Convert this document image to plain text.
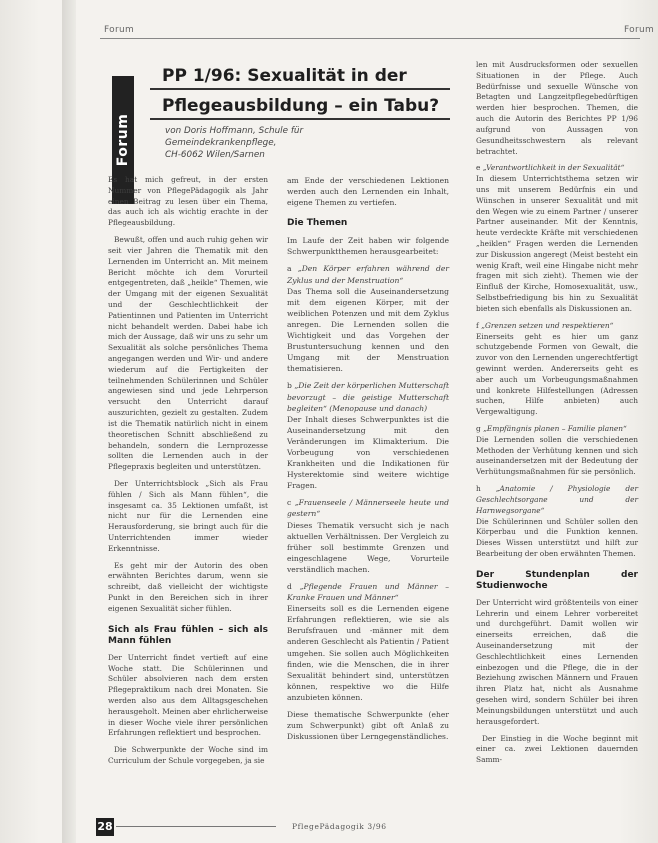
Forum	Forum
Forum
PP 1/96: Sexualität in der
Pflegeausbildung – ein Tabu?
von Doris Hoffmann, Schule für Gemeindekrankenpflege,
CH-6062 Wilen/Sarnen

Es hat mich gefreut, in der ersten Nummer von PflegePädagogik als Jahr einen Beitrag zu lesen über ein Thema, das auch ich als wichtig erachte in der Pflegeausbildung.

Bewußt, offen und auch ruhig gehen wir seit vier Jahren die Thematik mit den Lernenden im Unterricht an. Mit meinem Bericht möchte ich dem Vorurteil entgegentreten, daß „heikle“ Themen, wie der Umgang mit der eigenen Sexualität und der Geschlechtlichkeit der Patientinnen und Patienten im Unterricht nicht behandelt werden. Dabei habe ich mich der Aussage, daß wir uns zu sehr um Sexualität als solche persönliches Thema angegangen werden und Wir- und andere wiederum auf die Fertigkeiten der teilnehmenden Schülerinnen und Schüler angewiesen sind und jede Lehrperson versucht den Unterricht darauf auszurichten, gezielt zu gestalten. Zudem ist die Thematik natürlich nicht in einem theoretischen Schnitt abschließend zu behandeln, sondern die Lernprozesse sollten die Lernenden auch in der Pflegepraxis begleiten und unterstützen.

Der Unterrichtsblock „Sich als Frau fühlen / Sich als Mann fühlen“, die insgesamt ca. 35 Lektionen umfaßt, ist nicht nur für die Lernenden eine Herausforderung, sie bringt auch für die Unterrichtenden immer wieder Erkenntnisse.

Es geht mir der Autorin des oben erwähnten Berichtes darum, wenn sie schreibt, daß vielleicht der wichtigste Punkt in den Bereichen sich in ihrer eigenen Sexualität sicher fühlen.

Sich als Frau fühlen – sich als Mann fühlen

Der Unterricht findet vertieft auf eine Woche statt. Die Schülerinnen und Schüler absolvieren nach dem ersten Pflegepraktikum nach drei Monaten. Sie werden also aus dem Alltagsgeschehen herausgeholt. Meinen aber ehrlicherweise in dieser Woche viele ihrer persönlichen Erfahrungen reflektiert und besprochen.

Die Schwerpunkte der Woche sind im Curriculum der Schule vorgegeben, ja sie

am Ende der verschiedenen Lektionen werden auch den Lernenden ein Inhalt, eigene Themen zu vertiefen.

Die Themen

Im Laufe der Zeit haben wir folgende Schwerpunktthemen herausgearbeitet:

a „Den Körper erfahren während der Zyklus und der Menstruation“
Das Thema soll die Auseinandersetzung mit dem eigenen Körper, mit der weiblichen Potenzen und mit dem Zyklus anregen. Die Lernenden sollen die Wichtigkeit und das Vorgehen der Brustuntersuchung kennen und den Umgang mit der Menstruation thematisieren.
b „Die Zeit der körperlichen Mutterschaft bevorzugt – die geistige Mutterschaft begleiten“ (Menopause und danach)
Der Inhalt dieses Schwerpunktes ist die Auseinandersetzung mit den Veränderungen im Klimakterium. Die Vorbeugung von verschiedenen Krankheiten und die Indikationen für Hysterektomie sind weitere wichtige Fragen.
c „Frauenseele / Männerseele heute und gestern“
Dieses Thematik versucht sich je nach aktuellen Verhältnissen. Der Vergleich zu früher soll bestimmte Grenzen und eingeschlagene Wege, Vorurteile verständlich machen.
d „Pflegende Frauen und Männer – Kranke Frauen und Männer“
Einerseits soll es die Lernenden eigene Erfahrungen reflektieren, wie sie als Berufsfrauen und -männer mit dem anderen Geschlecht als Patientin / Patient umgehen. Sie sollen auch Möglichkeiten finden, wie die Menschen, die in ihrer Sexualität behindert sind, unterstützen können, respektive wo die Hilfe anzubieten können.

Diese thematische Schwerpunkte (eher zum Schwerpunkt) gibt oft Anlaß zu Diskussionen über Lerngegenständliches.

len mit Ausdrucksformen oder sexuellen Situationen in der Pflege. Auch Bedürfnisse und sexuelle Wünsche von Betagten und Langzeitpflegebedürftigen werden hier besprochen. Themen, die auch die Autorin des Berichtes PP 1/96 aufgrund von Aussagen von Gesundheitsschwestern als relevant betrachtet.

e „Verantwortlichkeit in der Sexualität“
In diesem Unterrichtsthema setzen wir uns mit unserem Bedürfnis ein und Wünschen in unserer Sexualität und mit den Wegen wie zu einem Partner / unserer Partner auseinander. Mit der Kenntnis, heute verdeckte Kräfte mit verschiedenen „heiklen“ Fragen werden die Lernenden zur Diskussion angeregt (Meist besteht ein wenig Kraft, weil eine Hingabe nicht mehr fragen mit sich zieht). Themen wie der Einfluß der Kirche, Homosexualität, usw., Selbstbefriedigung bis hin zu Sexualität bieten sich ebenfalls als Diskussionen an.
f „Grenzen setzen und respektieren“
Einerseits geht es hier um ganz schutzgebende Formen von Gewalt, die zuvor von den Lernenden ungerechtfertigt gewinnt werden. Andererseits geht es aber auch um Vorbeugungsmaßnahmen und konkrete Hilfestellungen (Adressen suchen, Hilfe anbieten) auch Vergewaltigung.
g „Empfängnis planen – Familie planen“
Die Lernenden sollen die verschiedenen Methoden der Verhütung kennen und sich auseinandersetzen mit der Bedeutung der Verhütungsmaßnahmen für sie persönlich.
h „Anatomie / Physiologie der Geschlechtsorgane und der Harnwegsorgane“
Die Schülerinnen und Schüler sollen den Körperbau und die Funktion kennen. Dieses Wissen unterstützt und hilft zur Bearbeitung der oben erwähnten Themen.
Der Stundenplan der Studienwoche

Der Unterricht wird größtenteils von einer Lehrerin und einem Lehrer vorbereitet und durchgeführt. Damit wollen wir einerseits erreichen, daß die Auseinandersetzung mit der Geschlechtlichkeit eines Lernenden einbezogen und die Pflege, die in der Beziehung zwischen Männern und Frauen ihren Platz hat, nicht als Ausnahme gesehen wird, sondern Schüler bei ihren Meinungsbildungen unterstützt und auch herausgefordert.

Der Einstieg in die Woche beginnt mit einer ca. zwei Lektionen dauernden Samm-

28	PflegePädagogik 3/96
